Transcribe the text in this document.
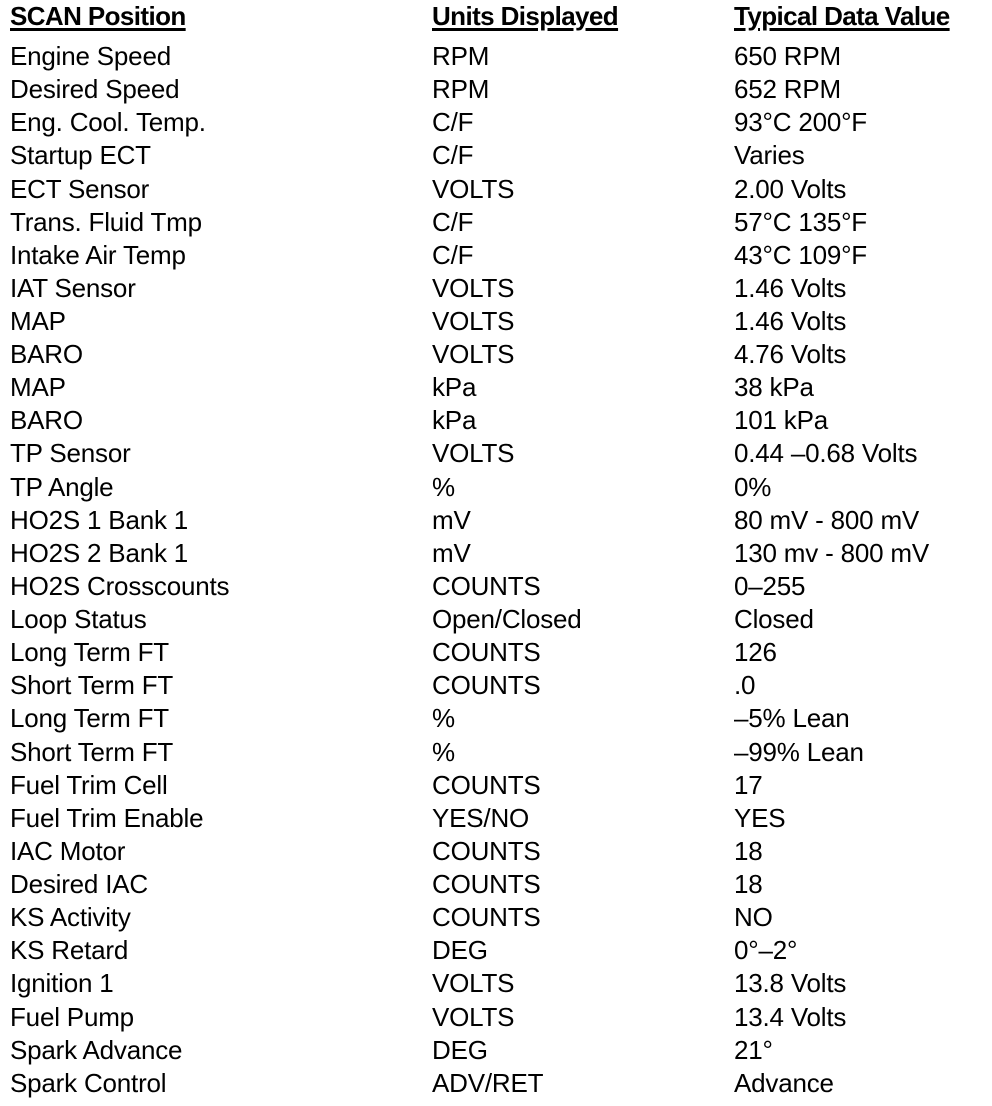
SCAN Position	Units Displayed	Typical Data Value
Engine Speed	RPM	650 RPM
Desired Speed	RPM	652 RPM
Eng. Cool. Temp.	C/F	93°C 200°F
Startup ECT	C/F	Varies
ECT Sensor	VOLTS	2.00 Volts
Trans. Fluid Tmp	C/F	57°C 135°F
Intake Air Temp	C/F	43°C 109°F
IAT Sensor	VOLTS	1.46 Volts
MAP	VOLTS	1.46 Volts
BARO	VOLTS	4.76 Volts
MAP	kPa	38 kPa
BARO	kPa	101 kPa
TP Sensor	VOLTS	0.44 –0.68 Volts
TP Angle	%	0%
HO2S 1 Bank 1	mV	80 mV - 800 mV
HO2S 2 Bank 1	mV	130 mv - 800 mV
HO2S Crosscounts	COUNTS	0–255
Loop Status	Open/Closed	Closed
Long Term FT	COUNTS	126
Short Term FT	COUNTS	.0
Long Term FT	%	–5% Lean
Short Term FT	%	–99% Lean
Fuel Trim Cell	COUNTS	17
Fuel Trim Enable	YES/NO	YES
IAC Motor	COUNTS	18
Desired IAC	COUNTS	18
KS Activity	COUNTS	NO
KS Retard	DEG	0°–2°
Ignition 1	VOLTS	13.8 Volts
Fuel Pump	VOLTS	13.4 Volts
Spark Advance	DEG	21°
Spark Control	ADV/RET	Advance
